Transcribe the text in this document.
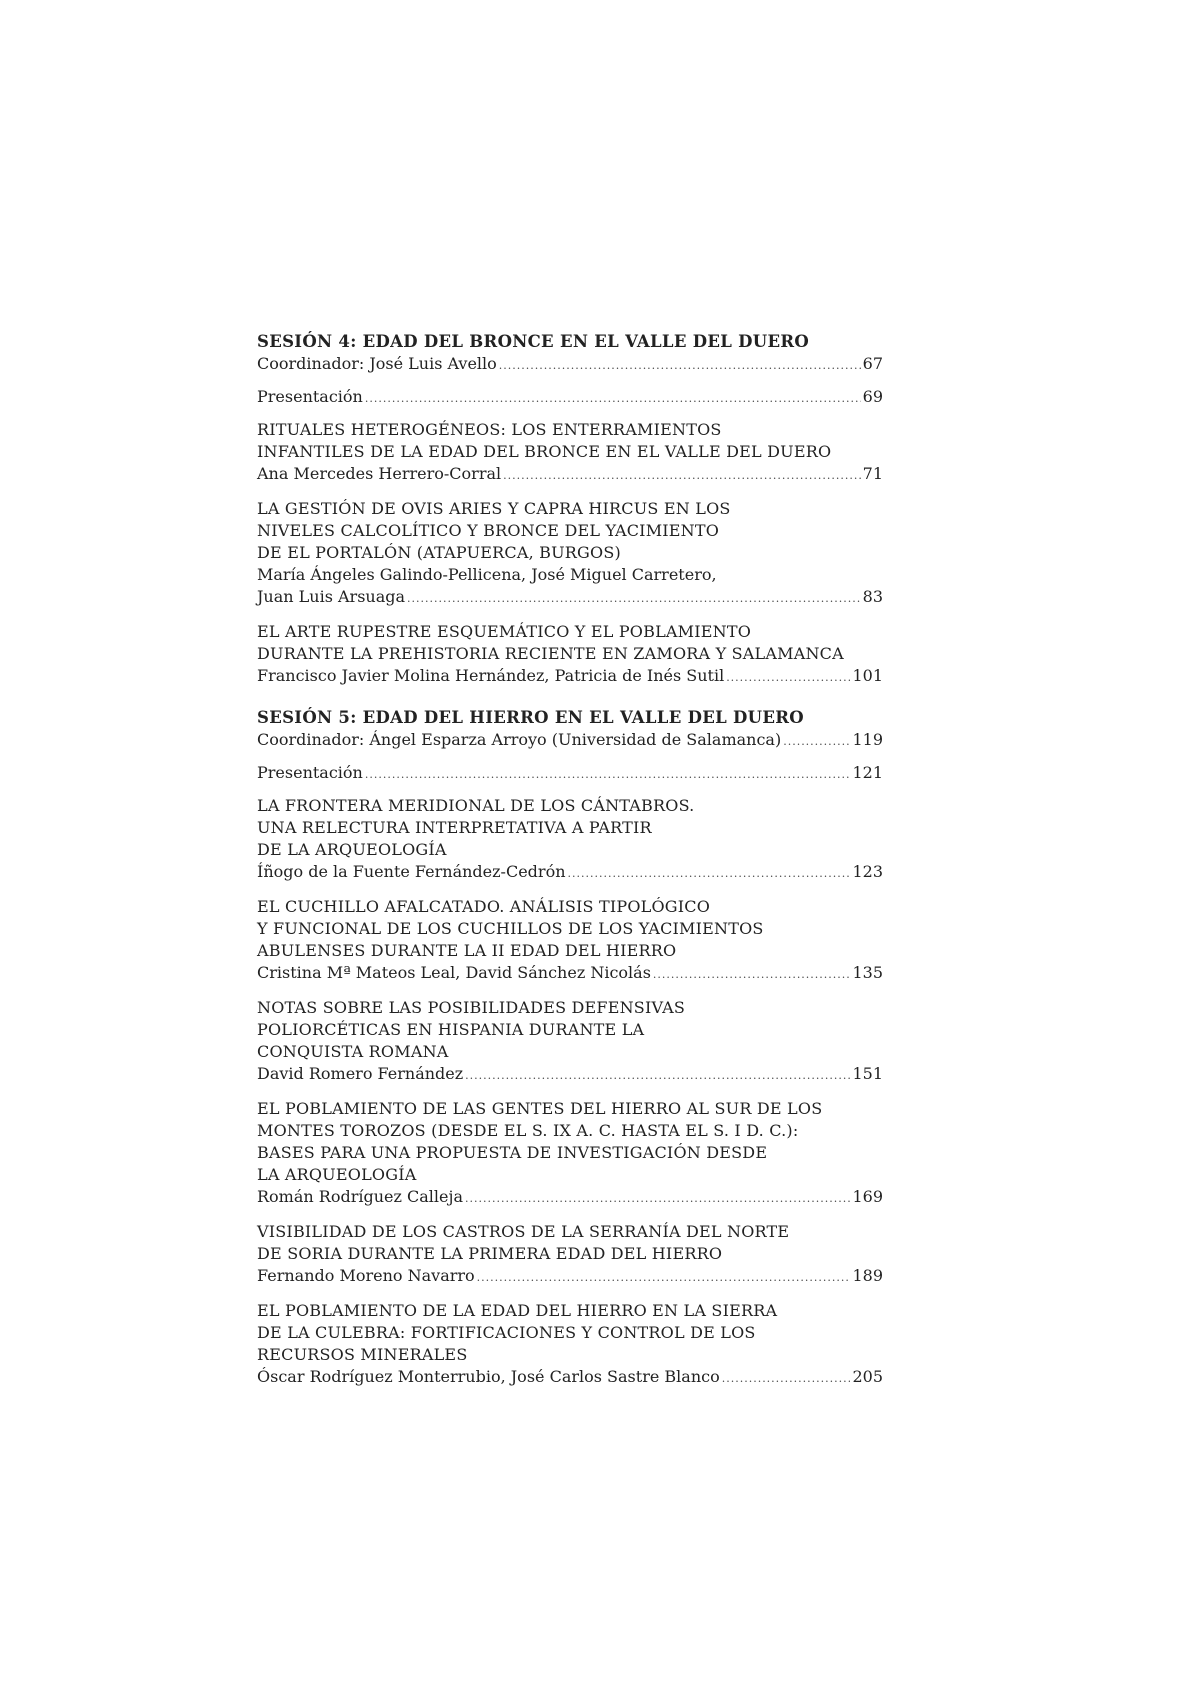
SESIÓN 4: EDAD DEL BRONCE EN EL VALLE DEL DUERO
Coordinador: José Luis Avello .....	67
Presentación .....	69
RITUALES HETEROGÉNEOS: LOS ENTERRAMIENTOS
INFANTILES DE LA EDAD DEL BRONCE EN EL VALLE DEL DUERO
Ana Mercedes Herrero-Corral .....	71
LA GESTIÓN DE OVIS ARIES Y CAPRA HIRCUS EN LOS
NIVELES CALCOLÍTICO Y BRONCE DEL YACIMIENTO
DE EL PORTALÓN (ATAPUERCA, BURGOS)
María Ángeles Galindo-Pellicena, José Miguel Carretero,
Juan Luis Arsuaga .....	83
EL ARTE RUPESTRE ESQUEMÁTICO Y EL POBLAMIENTO
DURANTE LA PREHISTORIA RECIENTE EN ZAMORA Y SALAMANCA
Francisco Javier Molina Hernández, Patricia de Inés Sutil .....	101
SESIÓN 5: EDAD DEL HIERRO EN EL VALLE DEL DUERO
Coordinador: Ángel Esparza Arroyo (Universidad de Salamanca) .....	119
Presentación .....	121
LA FRONTERA MERIDIONAL DE LOS CÁNTABROS.
UNA RELECTURA INTERPRETATIVA A PARTIR
DE LA ARQUEOLOGÍA
Íñogo de la Fuente Fernández-Cedrón .....	123
EL CUCHILLO AFALCATADO. ANÁLISIS TIPOLÓGICO
Y FUNCIONAL DE LOS CUCHILLOS DE LOS YACIMIENTOS
ABULENSES DURANTE LA II EDAD DEL HIERRO
Cristina Mª Mateos Leal, David Sánchez Nicolás .....	135
NOTAS SOBRE LAS POSIBILIDADES DEFENSIVAS
POLIORCÉTICAS EN HISPANIA DURANTE LA
CONQUISTA ROMANA
David Romero Fernández .....	151
EL POBLAMIENTO DE LAS GENTES DEL HIERRO AL SUR DE LOS
MONTES TOROZOS (DESDE EL S. IX A. C. HASTA EL S. I D. C.):
BASES PARA UNA PROPUESTA DE INVESTIGACIÓN DESDE
LA ARQUEOLOGÍA
Román Rodríguez Calleja .....	169
VISIBILIDAD DE LOS CASTROS DE LA SERRANÍA DEL NORTE
DE SORIA DURANTE LA PRIMERA EDAD DEL HIERRO
Fernando Moreno Navarro .....	189
EL POBLAMIENTO DE LA EDAD DEL HIERRO EN LA SIERRA
DE LA CULEBRA: FORTIFICACIONES Y CONTROL DE LOS
RECURSOS MINERALES
Óscar Rodríguez Monterrubio, José Carlos Sastre Blanco .....	205
